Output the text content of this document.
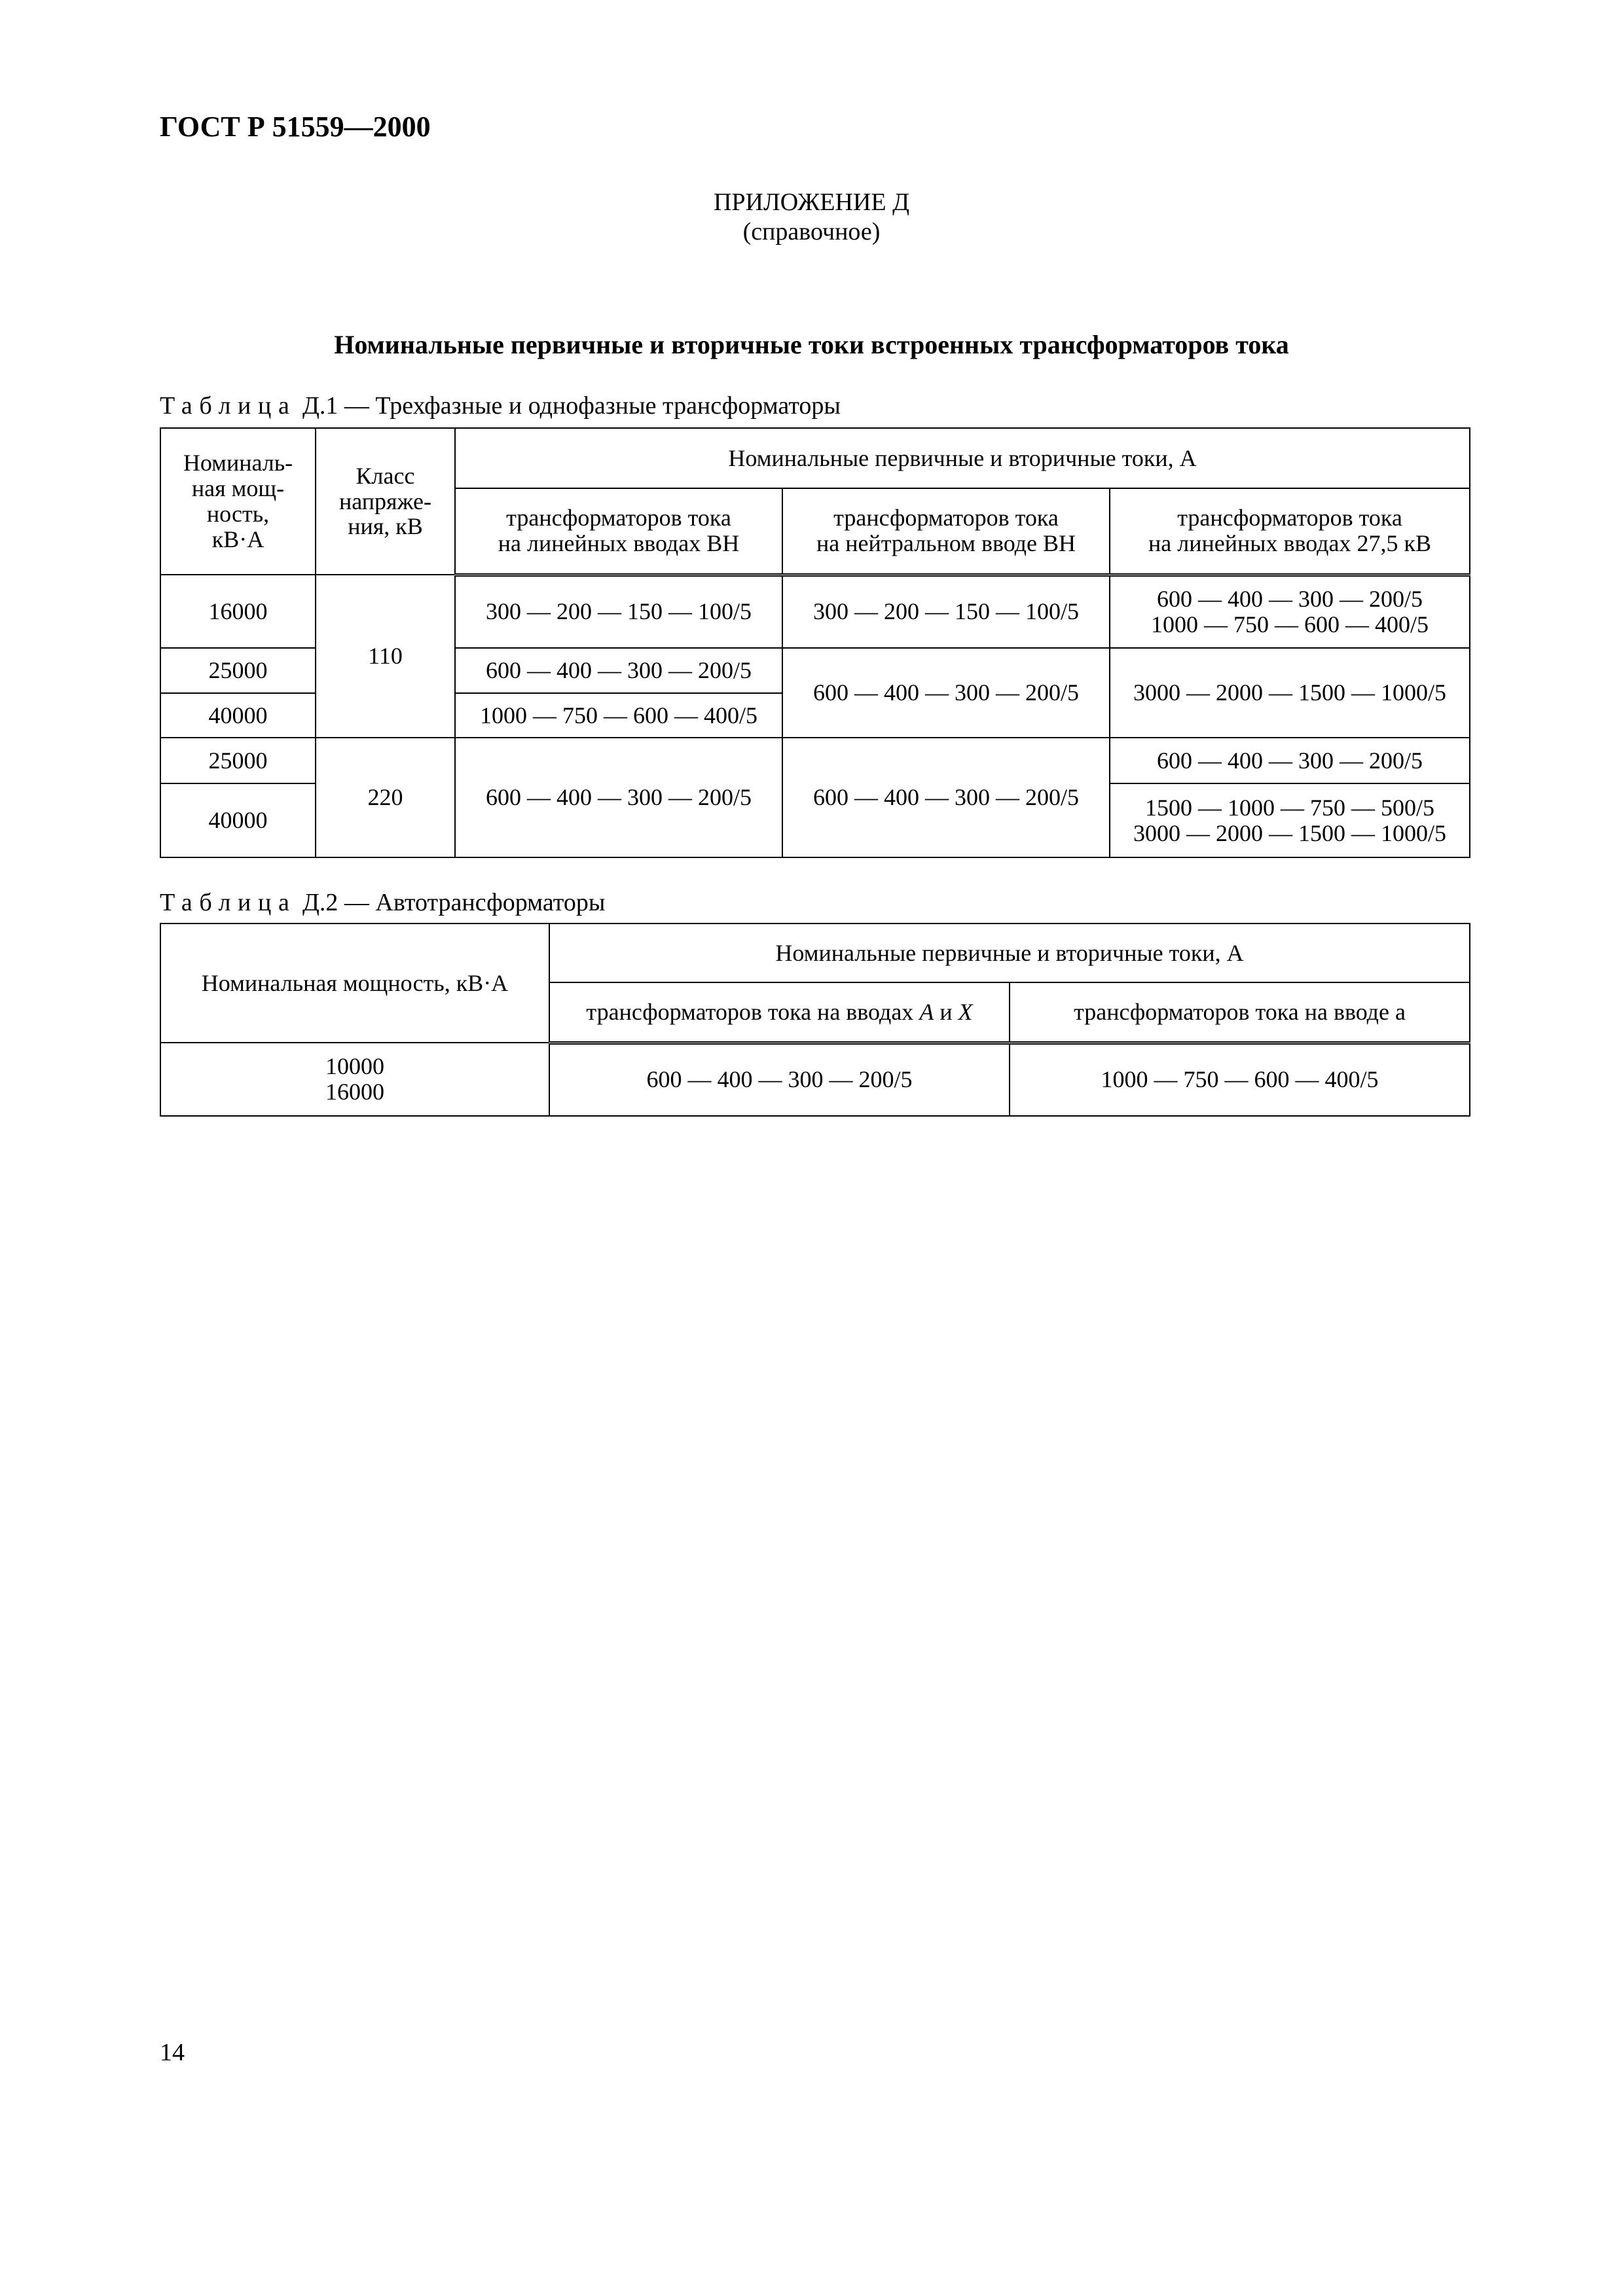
ГОСТ Р 51559—2000
ПРИЛОЖЕНИЕ Д
(справочное)
Номинальные первичные и вторичные токи встроенных трансформаторов тока
Таблица Д.1 — Трехфазные и однофазные трансформаторы
Номиналь-
ная мощ-
ность,
кВ·А	Класс
напряже-
ния, кВ	Номинальные первичные и вторичные токи, А		
		трансформаторов тока
на линейных вводах ВН	трансформаторов тока
на нейтральном вводе ВН	трансформаторов тока
на линейных вводах 27,5 кВ
16000	110	300 — 200 — 150 — 100/5	300 — 200 — 150 — 100/5	600 — 400 — 300 — 200/5
1000 — 750 — 600 — 400/5
25000		600 — 400 — 300 — 200/5	600 — 400 — 300 — 200/5	3000 — 2000 — 1500 — 1000/5
40000		1000 — 750 — 600 — 400/5		
25000	220	600 — 400 — 300 — 200/5	600 — 400 — 300 — 200/5	600 — 400 — 300 — 200/5
40000				1500 — 1000 — 750 — 500/5
3000 — 2000 — 1500 — 1000/5
Таблица Д.2 — Автотрансформаторы
Номинальная мощность, кВ·А	Номинальные первичные и вторичные токи, А	
	трансформаторов тока на вводах A и X	трансформаторов тока на вводе а
10000
16000	600 — 400 — 300 — 200/5	1000 — 750 — 600 — 400/5
14
